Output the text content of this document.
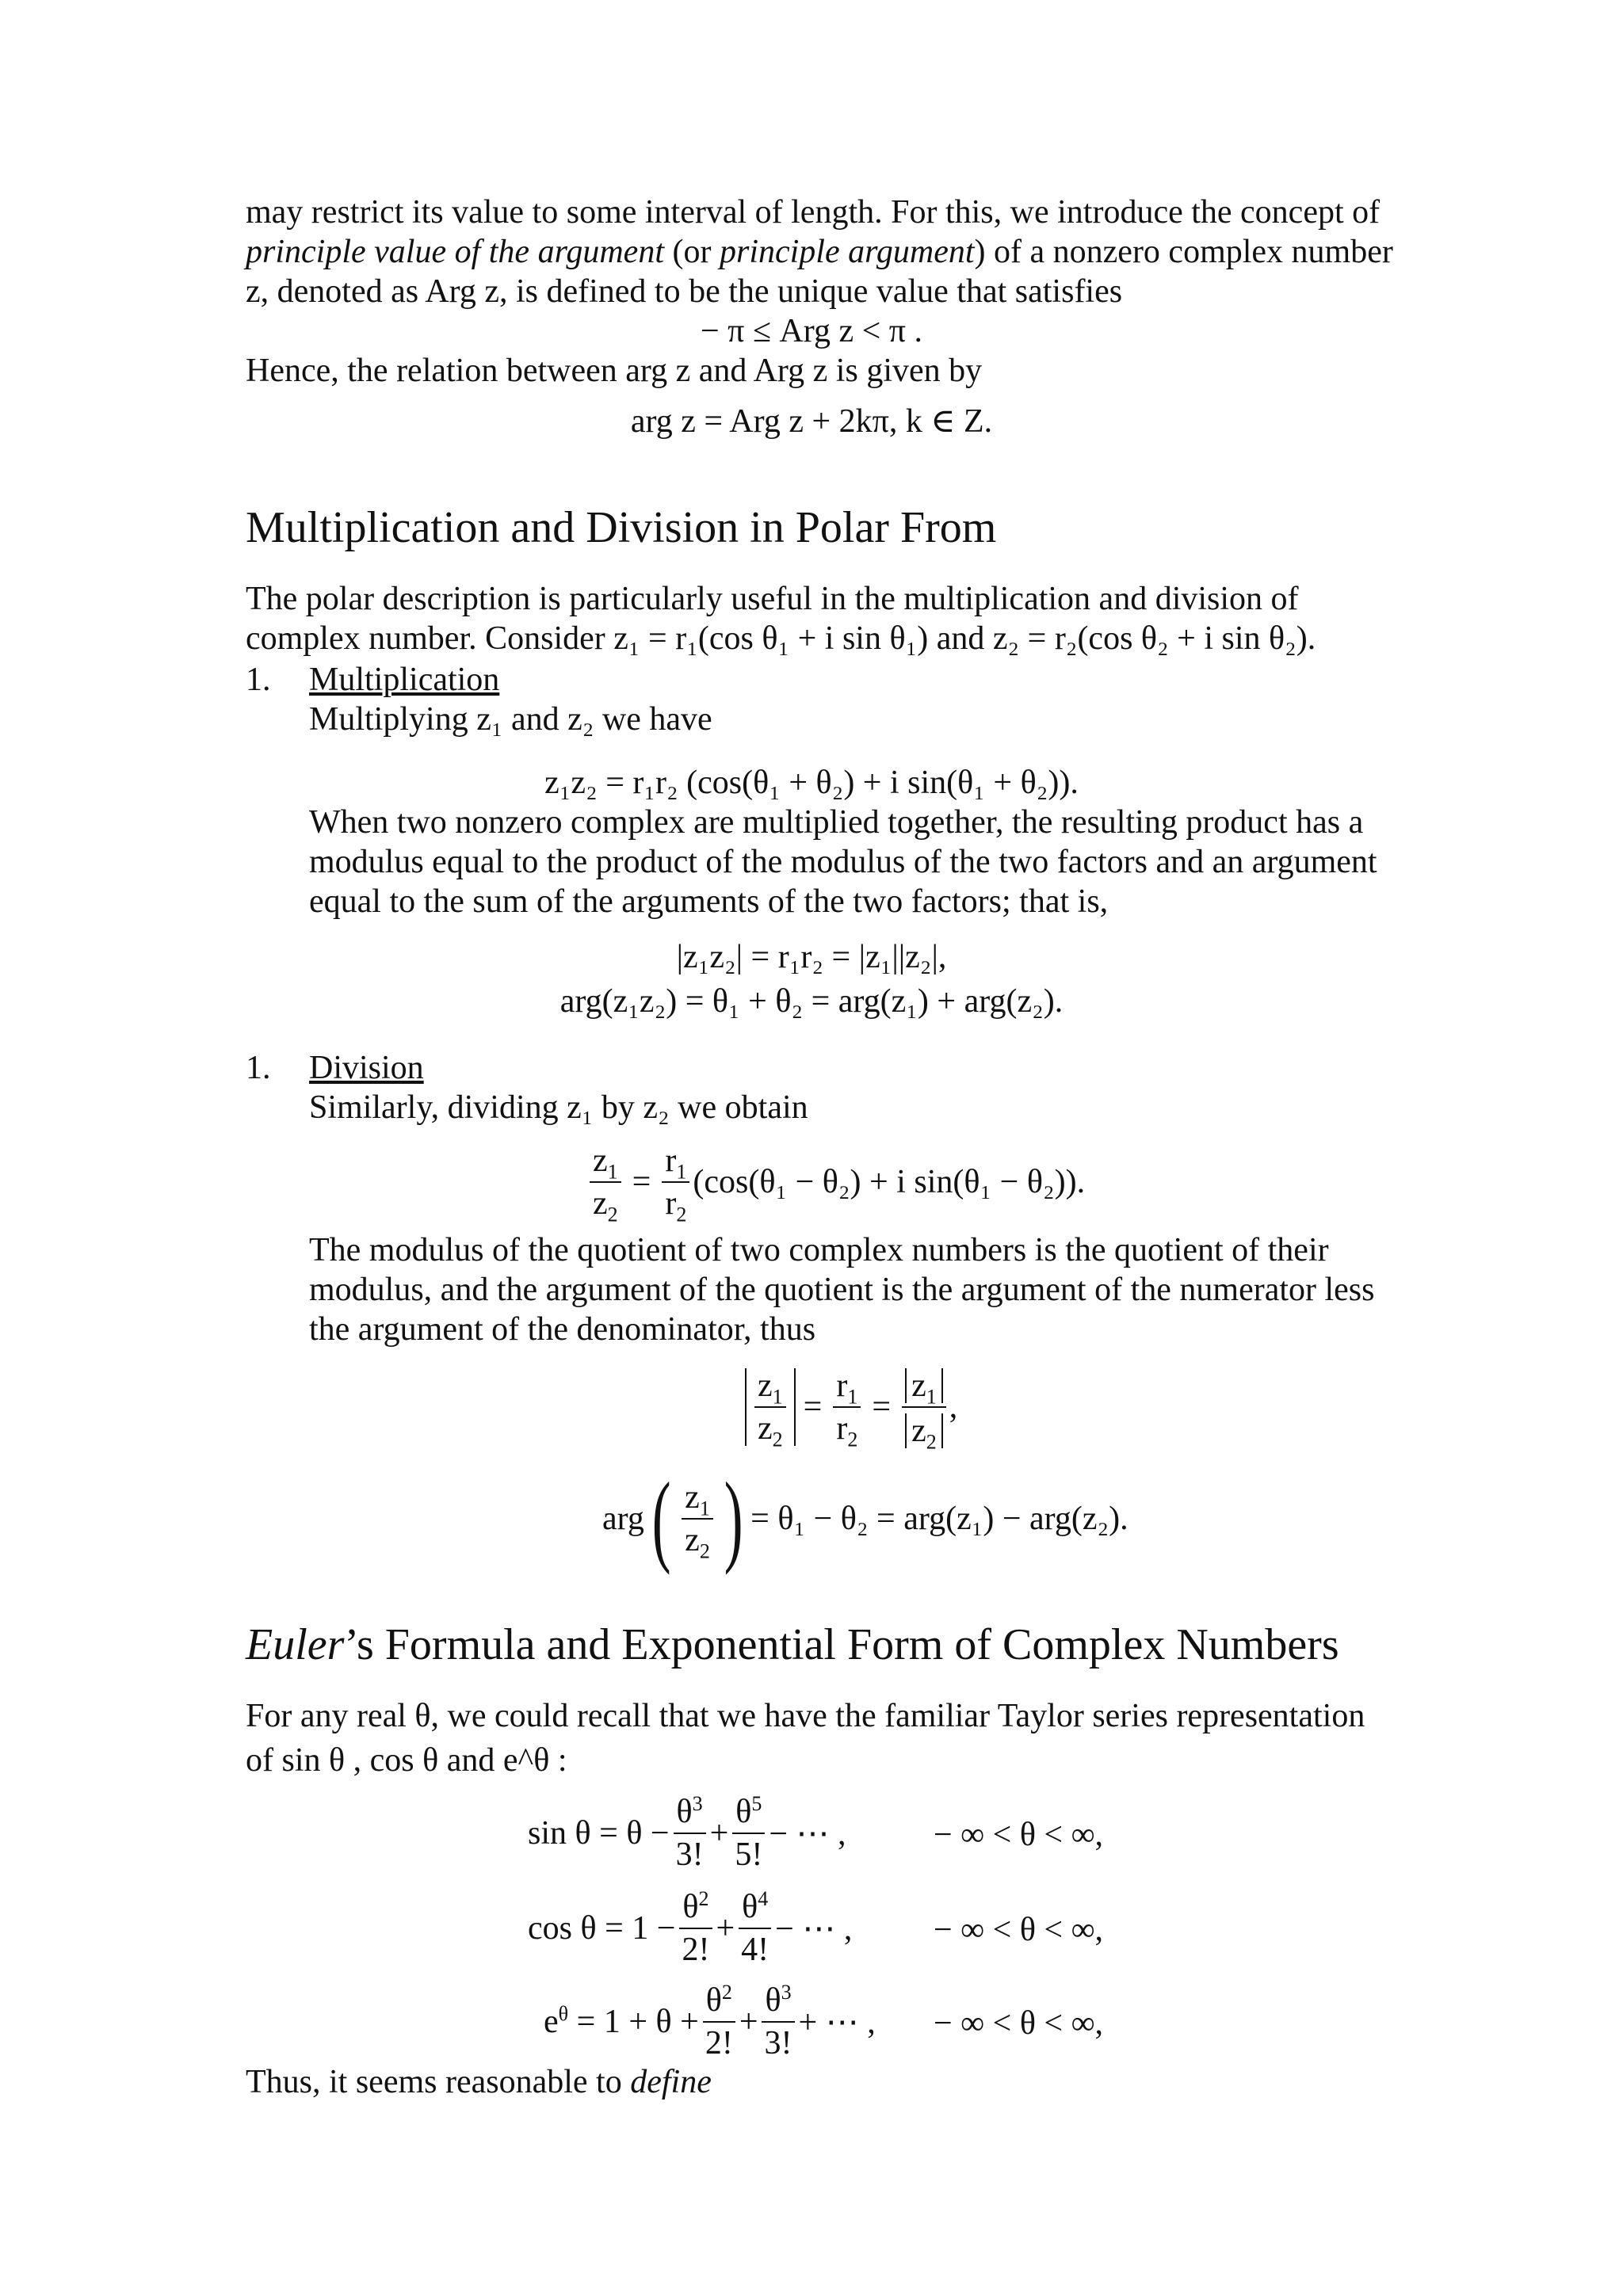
may restrict its value to some interval of length. For this, we introduce the concept of
principle value of the argument (or principle argument) of a nonzero complex number
z, denoted as Arg z, is defined to be the unique value that satisfies
− π ≤ Arg z < π .
Hence, the relation between arg z and Arg z is given by
arg z = Arg z + 2kπ, k ∈ Z.
Multiplication and Division in Polar From
The polar description is particularly useful in the multiplication and division of
complex number. Consider z₁ = r₁(cos θ₁ + i sin θ₁) and z₂ = r₂(cos θ₂ + i sin θ₂).
1. Multiplication
Multiplying z₁ and z₂ we have
z₁z₂ = r₁r₂ (cos(θ₁ + θ₂) + i sin(θ₁ + θ₂)).
When two nonzero complex are multiplied together, the resulting product has a
modulus equal to the product of the modulus of the two factors and an argument
equal to the sum of the arguments of the two factors; that is,
|z₁z₂| = r₁r₂ = |z₁||z₂|,
arg(z₁z₂) = θ₁ + θ₂ = arg(z₁) + arg(z₂).
1. Division
Similarly, dividing z₁ by z₂ we obtain
$\frac{z_1}{z_2} = \frac{r_1}{r_2} (\cos(\theta_1 - \theta_2) + i$ sin(θ₁ − θ₂)).
The modulus of the quotient of two complex numbers is the quotient of their
modulus, and the argument of the quotient is the argument of the numerator less
the argument of the denominator, thus
$\frac{z_1}{z_2} = \frac{r_1}{r_2} = \frac{z_1}{z_2}$ ,
arg ( $\frac{z_1}{z_2}$ ) = θ₁ − θ₂ = arg(z₁) − arg(z₂).
Euler’s Formula and Exponential Form of Complex Numbers
For any real θ, we could recall that we have the familiar Taylor series representation
of sin θ , cos θ and e^θ :
$\sin \theta = \theta - \frac{\theta^3}{3!} + \frac{\theta^5}{5!}$ − ⋯ ,	− ∞ < θ < ∞,
$\cos \theta = 1 - \frac{\theta^2}{2!} + \frac{\theta^4}{4!}$ − ⋯ , − ∞ < θ < ∞,
$e^\theta = 1 + \theta + \frac{\theta^2}{2!} + \frac{\theta^3}{3!}$ + ⋯ , − ∞ < θ < ∞,
Thus, it seems reasonable to define
